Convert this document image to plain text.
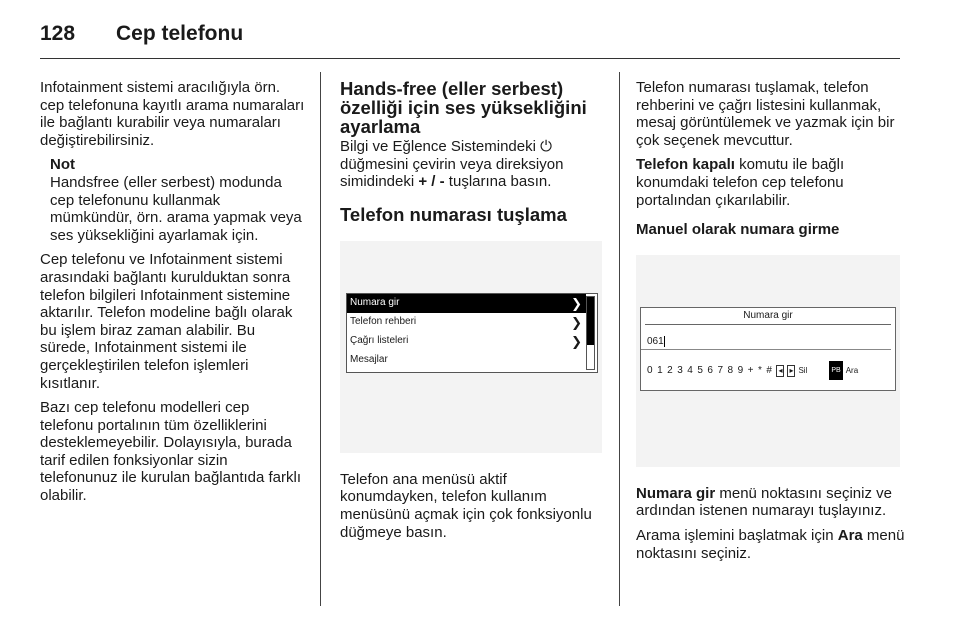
128	Cep telefonu

Infotainment sistemi aracılığıyla örn. cep telefonuna kayıtlı arama numaraları ile bağlantı kurabilir veya numaraları değiştirebilirsiniz.

Not
Handsfree (eller serbest) modunda cep telefonunu kullanmak mümkündür, örn. arama yapmak veya ses yüksekliğini ayarlamak için.

Cep telefonu ve Infotainment sistemi arasındaki bağlantı kurulduktan sonra telefon bilgileri Infotainment sistemine aktarılır. Telefon modeline bağlı olarak bu işlem biraz zaman alabilir. Bu sürede, Infotainment sistemi ile gerçekleştirilen telefon işlemleri kısıtlanır.

Bazı cep telefonu modelleri cep telefonu portalının tüm özelliklerini desteklemeyebilir. Dolayısıyla, burada tarif edilen fonksiyonlar sizin telefonunuz ile kurulan bağlantıda farklı olabilir.

Hands-free (eller serbest) özelliği için ses yüksekliğini ayarlama

Bilgi ve Eğlence Sistemindeki ⏻ düğmesini çevirin veya direksiyon simidindeki + / - tuşlarına basın.

Telefon numarası tuşlama
Numara gir	❯
Telefon rehberi	❯
Çağrı listeleri	❯
Mesajlar

Telefon ana menüsü aktif konumdayken, telefon kullanım menüsünü açmak için çok fonksiyonlu düğmeye basın.

Telefon numarası tuşlamak, telefon rehberini ve çağrı listesini kullanmak, mesaj görüntülemek ve yazmak için bir çok seçenek mevcuttur.

Telefon kapalı komutu ile bağlı konumdaki telefon cep telefonu portalından çıkarılabilir.

Manuel olarak numara girme
Numara gir
061
0 1 2 3 4 5 6 7 8 9 + * # ◂ ▸ Sil	PB Ara

Numara gir menü noktasını seçiniz ve ardından istenen numarayı tuşlayınız.

Arama işlemini başlatmak için Ara menü noktasını seçiniz.
